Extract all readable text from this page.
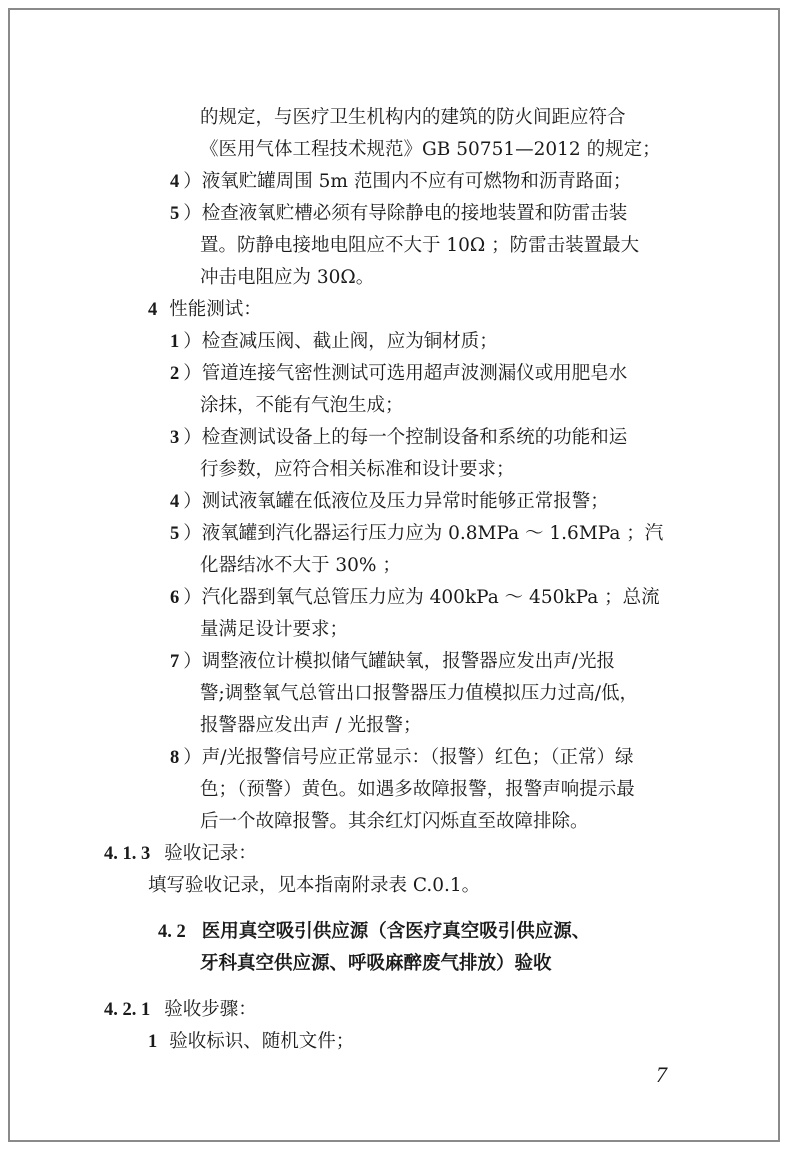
的规定，与医疗卫生机构内的建筑的防火间距应符合
《医用气体工程技术规范》GB 50751—2012 的规定；
4 ）液氧贮罐周围 5m 范围内不应有可燃物和沥青路面；
5 ）检查液氧贮槽必须有导除静电的接地装置和防雷击装
置。防静电接地电阻应不大于 10Ω ；防雷击装置最大
冲击电阻应为 30Ω。
4 性能测试：
1 ）检查减压阀、截止阀，应为铜材质；
2 ）管道连接气密性测试可选用超声波测漏仪或用肥皂水
涂抹，不能有气泡生成；
3 ）检查测试设备上的每一个控制设备和系统的功能和运
行参数，应符合相关标准和设计要求；
4 ）测试液氧罐在低液位及压力异常时能够正常报警；
5 ）液氧罐到汽化器运行压力应为 0.8MPa ～ 1.6MPa ；汽
化器结冰不大于 30% ；
6 ）汽化器到氧气总管压力应为 400kPa ～ 450kPa ；总流
量满足设计要求；
7 ）调整液位计模拟储气罐缺氧，报警器应发出声/光报
警;调整氧气总管出口报警器压力值模拟压力过高/低，
报警器应发出声 / 光报警；
8 ）声/光报警信号应正常显示：（报警）红色；（正常）绿
色；（预警）黄色。如遇多故障报警，报警声响提示最
后一个故障报警。其余红灯闪烁直至故障排除。
4. 1. 3 验收记录：
填写验收记录，见本指南附录表 C.0.1。
4. 2 医用真空吸引供应源（含医疗真空吸引供应源、
牙科真空供应源、呼吸麻醉废气排放）验收
4. 2. 1 验收步骤：
1 验收标识、随机文件；
7
